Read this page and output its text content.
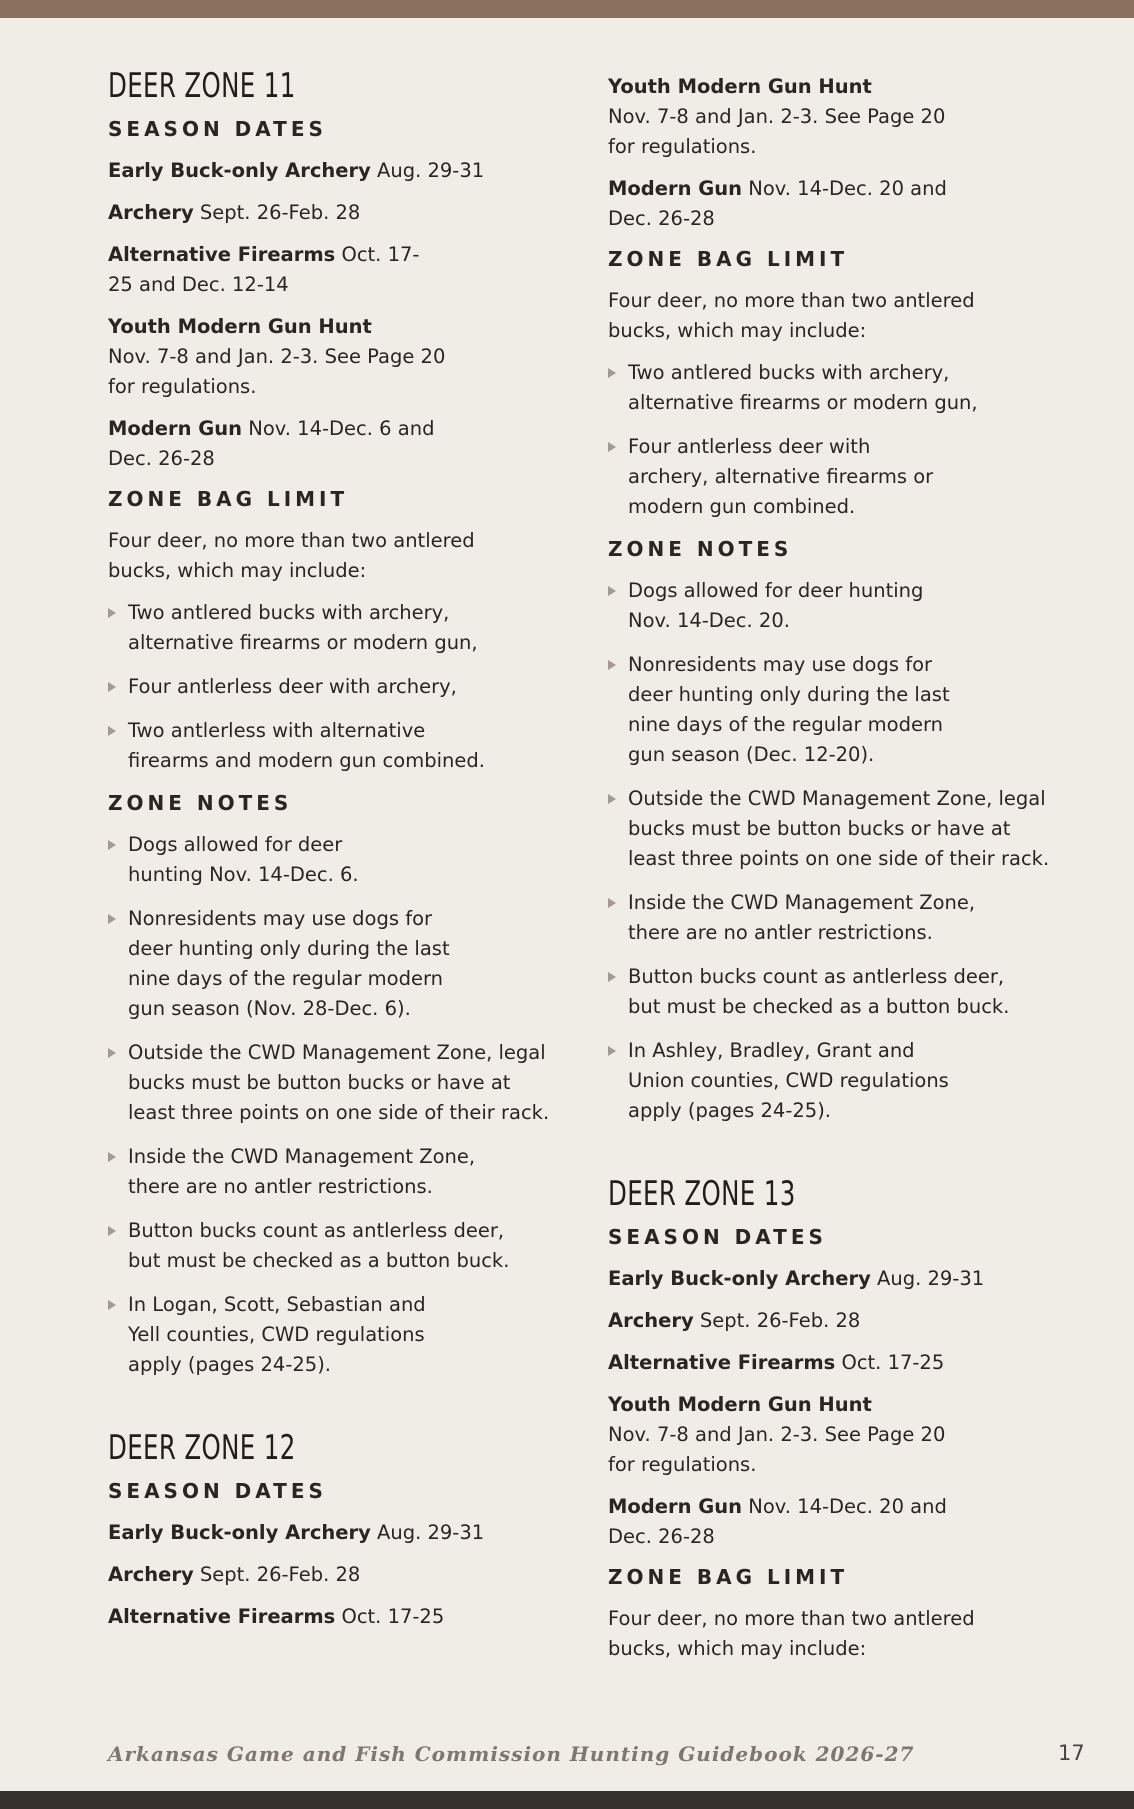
DEER ZONE 11
SEASON DATES

Early Buck-only Archery Aug. 29-31

Archery Sept. 26-Feb. 28

Alternative Firearms Oct. 17-
25 and Dec. 12-14

Youth Modern Gun Hunt
Nov. 7-8 and Jan. 2-3. See Page 20
for regulations.

Modern Gun Nov. 14-Dec. 6 and
Dec. 26-28

ZONE BAG LIMIT

Four deer, no more than two antlered
bucks, which may include:

Two antlered bucks with archery,
alternative firearms or modern gun,
Four antlerless deer with archery,
Two antlerless with alternative
firearms and modern gun combined.
ZONE NOTES
Dogs allowed for deer
hunting Nov. 14-Dec. 6.
Nonresidents may use dogs for
deer hunting only during the last
nine days of the regular modern
gun season (Nov. 28-Dec. 6).
Outside the CWD Management Zone, legal
bucks must be button bucks or have at
least three points on one side of their rack.
Inside the CWD Management Zone,
there are no antler restrictions.
Button bucks count as antlerless deer,
but must be checked as a button buck.
In Logan, Scott, Sebastian and
Yell counties, CWD regulations
apply (pages 24-25).
DEER ZONE 12
SEASON DATES

Early Buck-only Archery Aug. 29-31

Archery Sept. 26-Feb. 28

Alternative Firearms Oct. 17-25

Youth Modern Gun Hunt
Nov. 7-8 and Jan. 2-3. See Page 20
for regulations.

Modern Gun Nov. 14-Dec. 20 and
Dec. 26-28

ZONE BAG LIMIT

Four deer, no more than two antlered
bucks, which may include:

Two antlered bucks with archery,
alternative firearms or modern gun,
Four antlerless deer with
archery, alternative firearms or
modern gun combined.
ZONE NOTES
Dogs allowed for deer hunting
Nov. 14-Dec. 20.
Nonresidents may use dogs for
deer hunting only during the last
nine days of the regular modern
gun season (Dec. 12-20).
Outside the CWD Management Zone, legal
bucks must be button bucks or have at
least three points on one side of their rack.
Inside the CWD Management Zone,
there are no antler restrictions.
Button bucks count as antlerless deer,
but must be checked as a button buck.
In Ashley, Bradley, Grant and
Union counties, CWD regulations
apply (pages 24-25).
DEER ZONE 13
SEASON DATES

Early Buck-only Archery Aug. 29-31

Archery Sept. 26-Feb. 28

Alternative Firearms Oct. 17-25

Youth Modern Gun Hunt
Nov. 7-8 and Jan. 2-3. See Page 20
for regulations.

Modern Gun Nov. 14-Dec. 20 and
Dec. 26-28

ZONE BAG LIMIT

Four deer, no more than two antlered
bucks, which may include:

Arkansas Game and Fish Commission Hunting Guidebook 2026-27	17
